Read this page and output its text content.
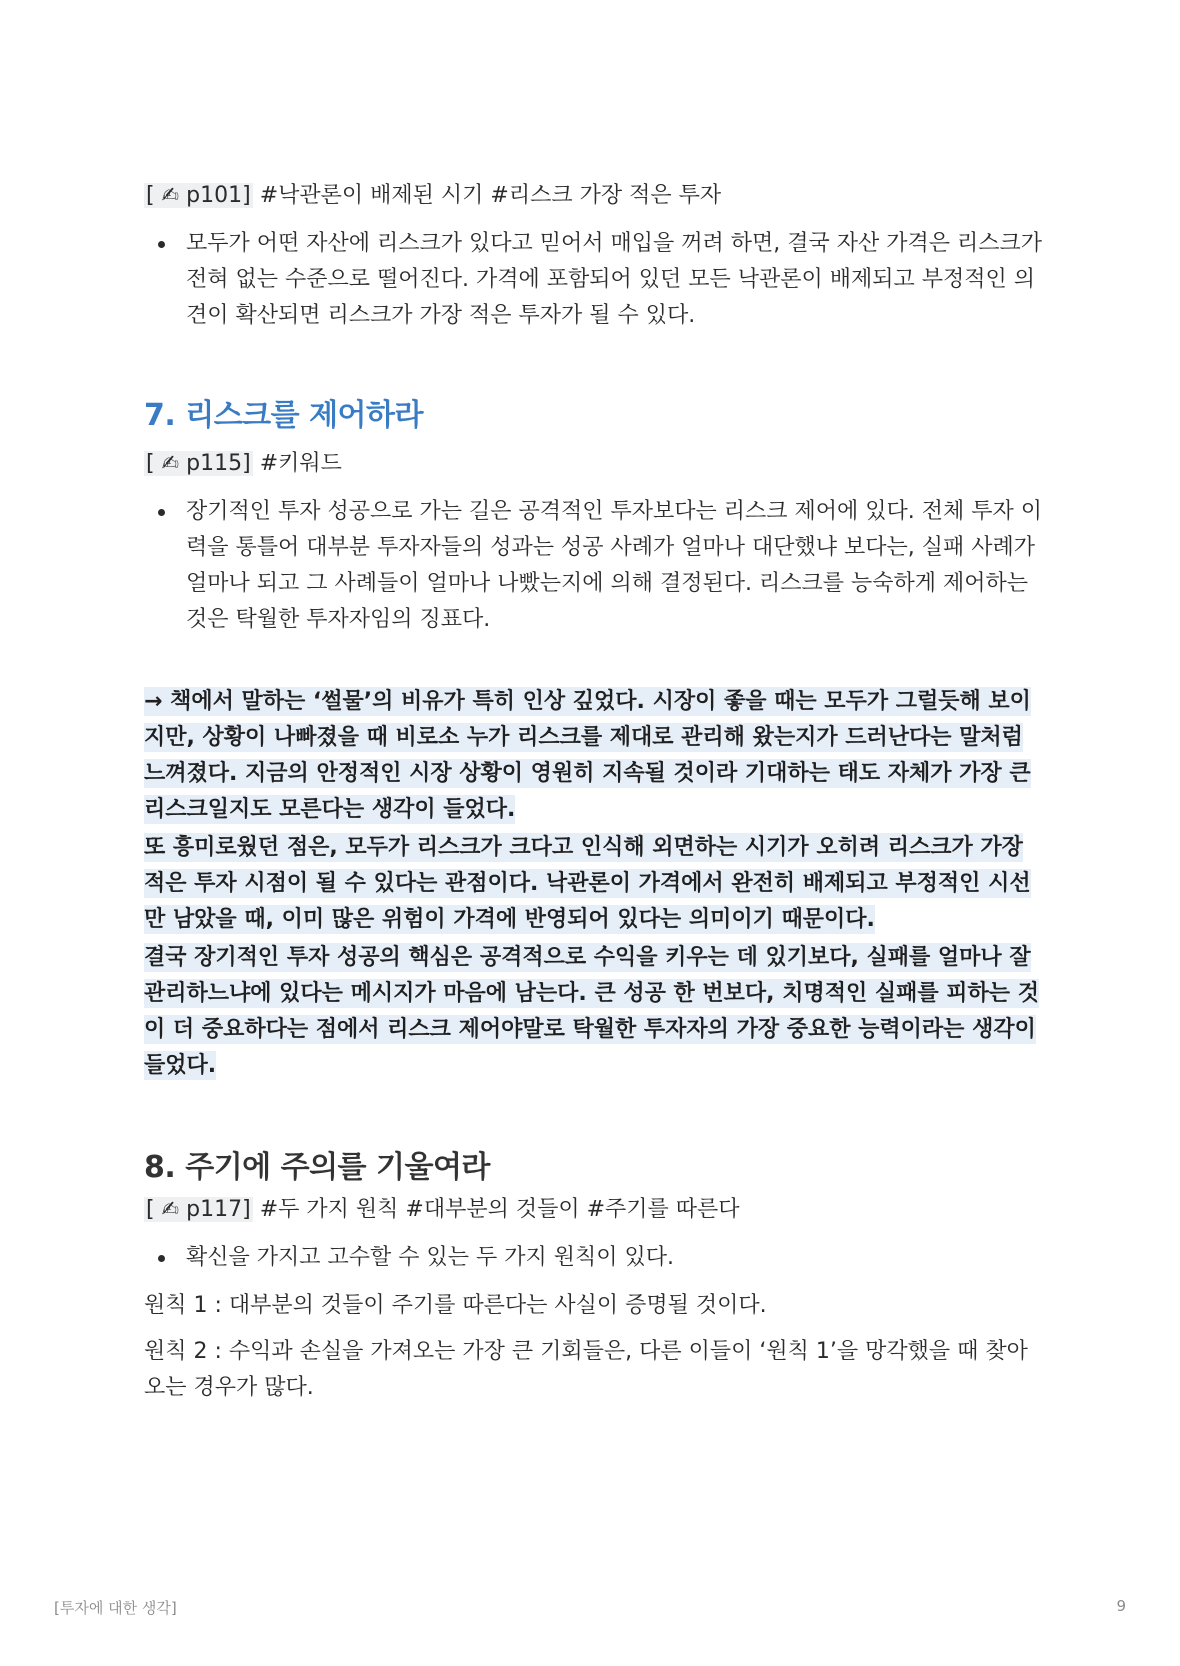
[ ✍ p101] #낙관론이 배제된 시기 #리스크 가장 적은 투자
모두가 어떤 자산에 리스크가 있다고 믿어서 매입을 꺼려 하면, 결국 자산 가격은 리스크가 전혀 없는 수준으로 떨어진다. 가격에 포함되어 있던 모든 낙관론이 배제되고 부정적인 의견이 확산되면 리스크가 가장 적은 투자가 될 수 있다.
7. 리스크를 제어하라
[ ✍ p115] #키워드
장기적인 투자 성공으로 가는 길은 공격적인 투자보다는 리스크 제어에 있다. 전체 투자 이력을 통틀어 대부분 투자자들의 성과는 성공 사례가 얼마나 대단했냐 보다는, 실패 사례가 얼마나 되고 그 사례들이 얼마나 나빴는지에 의해 결정된다. 리스크를 능숙하게 제어하는 것은 탁월한 투자자임의 징표다.
→ 책에서 말하는 ‘썰물’의 비유가 특히 인상 깊었다. 시장이 좋을 때는 모두가 그럴듯해 보이지만, 상황이 나빠졌을 때 비로소 누가 리스크를 제대로 관리해 왔는지가 드러난다는 말처럼 느껴졌다. 지금의 안정적인 시장 상황이 영원히 지속될 것이라 기대하는 태도 자체가 가장 큰 리스크일지도 모른다는 생각이 들었다.
또 흥미로웠던 점은, 모두가 리스크가 크다고 인식해 외면하는 시기가 오히려 리스크가 가장 적은 투자 시점이 될 수 있다는 관점이다. 낙관론이 가격에서 완전히 배제되고 부정적인 시선만 남았을 때, 이미 많은 위험이 가격에 반영되어 있다는 의미이기 때문이다.
결국 장기적인 투자 성공의 핵심은 공격적으로 수익을 키우는 데 있기보다, 실패를 얼마나 잘 관리하느냐에 있다는 메시지가 마음에 남는다. 큰 성공 한 번보다, 치명적인 실패를 피하는 것이 더 중요하다는 점에서 리스크 제어야말로 탁월한 투자자의 가장 중요한 능력이라는 생각이 들었다.
8. 주기에 주의를 기울여라
[ ✍ p117] #두 가지 원칙 #대부분의 것들이 #주기를 따른다
확신을 가지고 고수할 수 있는 두 가지 원칙이 있다.
원칙 1 : 대부분의 것들이 주기를 따른다는 사실이 증명될 것이다.
원칙 2 : 수익과 손실을 가져오는 가장 큰 기회들은, 다른 이들이 ‘원칙 1’을 망각했을 때 찾아오는 경우가 많다.
[투자에 대한 생각]	9
